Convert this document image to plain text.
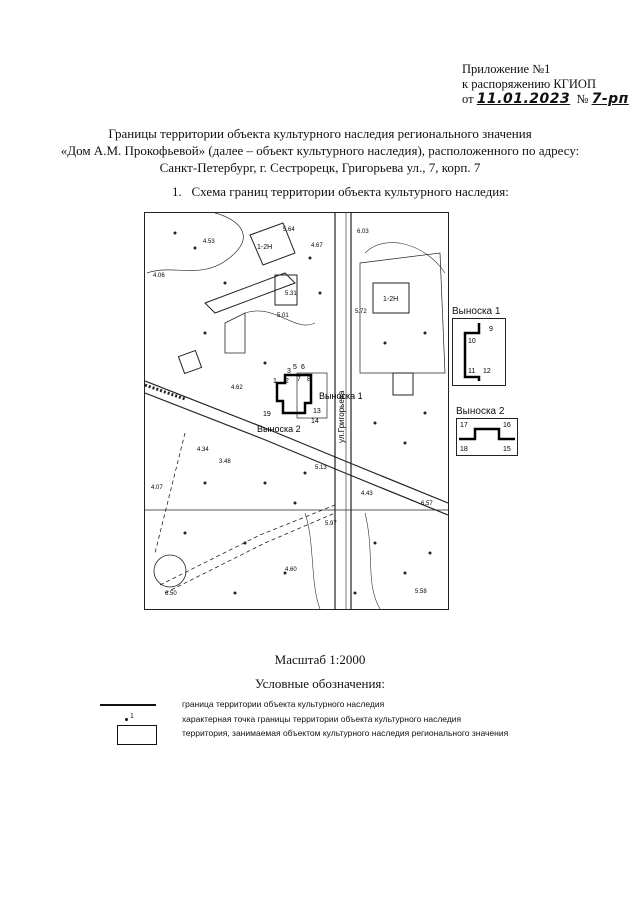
Приложение №1
к распоряжению КГИОП
от 11.01.2023 № 7-рп
Границы территории объекта культурного наследия регионального значения
«Дом А.М. Прокофьевой» (далее – объект культурного наследия), расположенного по адресу:
Санкт-Петербург, г. Сестрорецк, Григорьева ул., 7, корп. 7
1. Схема границ территории объекта культурного наследия:
ул.Григорьева
Выноска 1
Выноска 2
1-2Н
1-2Н
4.53
5.64
4.67
6.03
4.06
5.31
5.01
5.72
4.62
4.34
3.48
5.13
4.07
4.43
5.97
6.57
4.60
6.50	5.58
1 2
3
5 6
7 8
13
14
19
Выноска 1
9
10
11 12
Выноска 2
17	16
18	15
Масштаб 1:2000
Условные обозначения:
граница территории объекта культурного наследия
1	характерная точка границы территории объекта культурного наследия
территория, занимаемая объектом культурного наследия регионального значения
